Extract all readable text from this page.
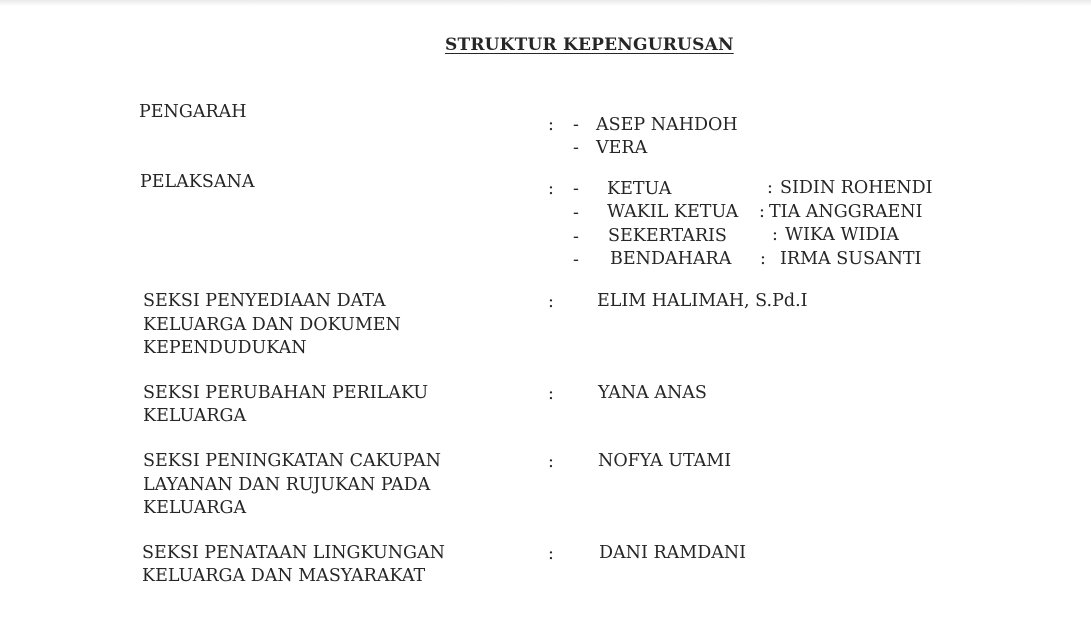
STRUKTUR KEPENGURUSAN
PENGARAH
: - ASEP NAHDOH
- VERA
PELAKSANA	: - KETUA	: SIDIN ROHENDI
- WAKIL KETUA : TIA ANGGRAENI
- SEKERTARIS	: WIKA WIDIA
- BENDAHARA : IRMA SUSANTI
SEKSI PENYEDIAAN DATA
KELUARGA DAN DOKUMEN
KEPENDUDUKAN
: ELIM HALIMAH, S.Pd.I
SEKSI PERUBAHAN PERILAKU
KELUARGA
:	YANA ANAS
SEKSI PENINGKATAN CAKUPAN
LAYANAN DAN RUJUKAN PADA
KELUARGA
:	NOFYA UTAMI
SEKSI PENATAAN LINGKUNGAN
KELUARGA DAN MASYARAKAT
:	DANI RAMDANI
